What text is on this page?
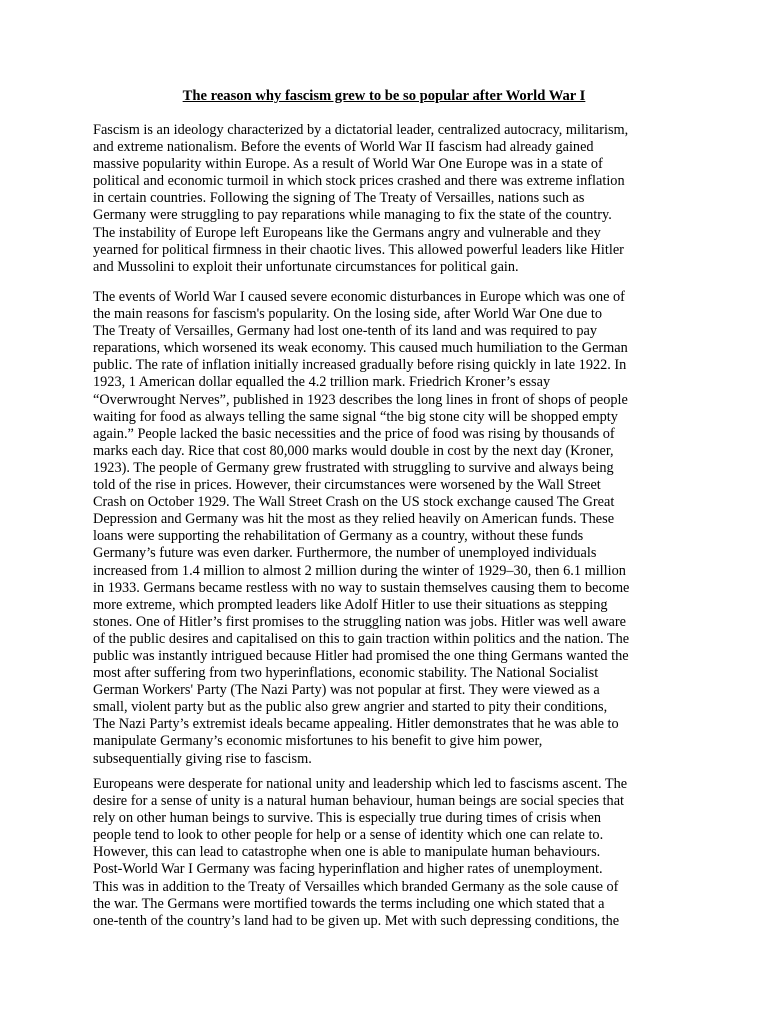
The reason why fascism grew to be so popular after World War I
Fascism is an ideology characterized by a dictatorial leader, centralized autocracy, militarism,
and extreme nationalism. Before the events of World War II fascism had already gained
massive popularity within Europe. As a result of World War One Europe was in a state of
political and economic turmoil in which stock prices crashed and there was extreme inflation
in certain countries. Following the signing of The Treaty of Versailles, nations such as
Germany were struggling to pay reparations while managing to fix the state of the country.
The instability of Europe left Europeans like the Germans angry and vulnerable and they
yearned for political firmness in their chaotic lives. This allowed powerful leaders like Hitler
and Mussolini to exploit their unfortunate circumstances for political gain.
The events of World War I caused severe economic disturbances in Europe which was one of
the main reasons for fascism's popularity. On the losing side, after World War One due to
The Treaty of Versailles, Germany had lost one-tenth of its land and was required to pay
reparations, which worsened its weak economy. This caused much humiliation to the German
public. The rate of inflation initially increased gradually before rising quickly in late 1922. In
1923, 1 American dollar equalled the 4.2 trillion mark. Friedrich Kroner’s essay
“Overwrought Nerves”, published in 1923 describes the long lines in front of shops of people
waiting for food as always telling the same signal “the big stone city will be shopped empty
again.” People lacked the basic necessities and the price of food was rising by thousands of
marks each day. Rice that cost 80,000 marks would double in cost by the next day (Kroner,
1923). The people of Germany grew frustrated with struggling to survive and always being
told of the rise in prices. However, their circumstances were worsened by the Wall Street
Crash on October 1929. The Wall Street Crash on the US stock exchange caused The Great
Depression and Germany was hit the most as they relied heavily on American funds. These
loans were supporting the rehabilitation of Germany as a country, without these funds
Germany’s future was even darker. Furthermore, the number of unemployed individuals
increased from 1.4 million to almost 2 million during the winter of 1929–30, then 6.1 million
in 1933. Germans became restless with no way to sustain themselves causing them to become
more extreme, which prompted leaders like Adolf Hitler to use their situations as stepping
stones. One of Hitler’s first promises to the struggling nation was jobs. Hitler was well aware
of the public desires and capitalised on this to gain traction within politics and the nation. The
public was instantly intrigued because Hitler had promised the one thing Germans wanted the
most after suffering from two hyperinflations, economic stability. The National Socialist
German Workers' Party (The Nazi Party) was not popular at first. They were viewed as a
small, violent party but as the public also grew angrier and started to pity their conditions,
The Nazi Party’s extremist ideals became appealing. Hitler demonstrates that he was able to
manipulate Germany’s economic misfortunes to his benefit to give him power,
subsequentially giving rise to fascism.
Europeans were desperate for national unity and leadership which led to fascisms ascent. The
desire for a sense of unity is a natural human behaviour, human beings are social species that
rely on other human beings to survive. This is especially true during times of crisis when
people tend to look to other people for help or a sense of identity which one can relate to.
However, this can lead to catastrophe when one is able to manipulate human behaviours.
Post-World War I Germany was facing hyperinflation and higher rates of unemployment.
This was in addition to the Treaty of Versailles which branded Germany as the sole cause of
the war. The Germans were mortified towards the terms including one which stated that a
one-tenth of the country’s land had to be given up. Met with such depressing conditions, the
